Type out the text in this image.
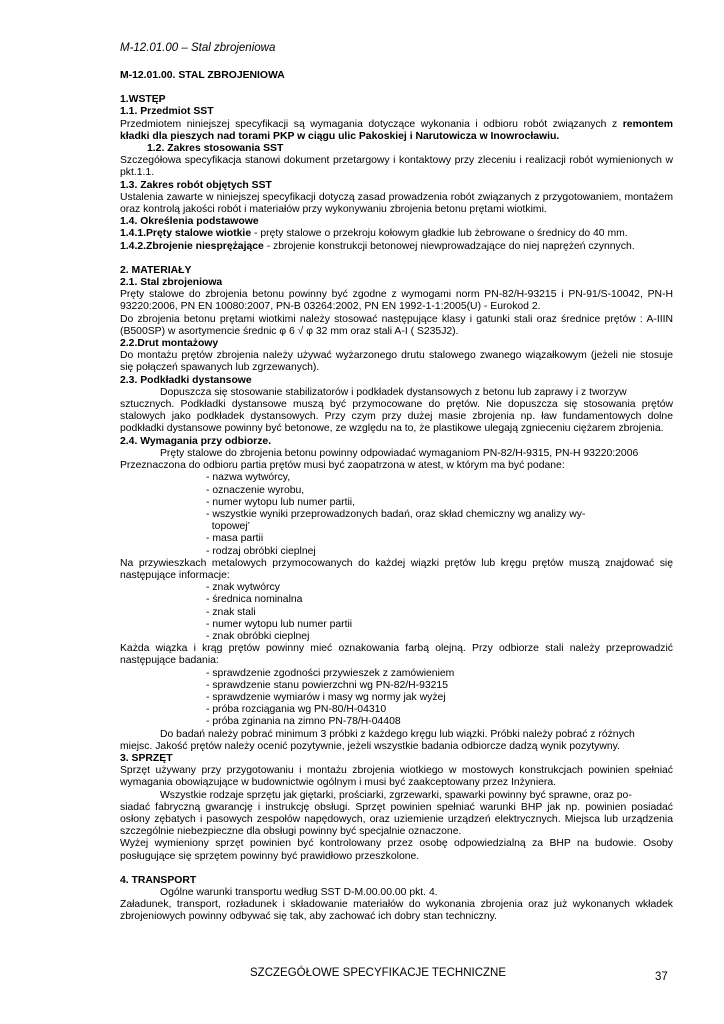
M-12.01.00 – Stal zbrojeniowa

M-12.01.00. STAL ZBROJENIOWA

1.WSTĘP

1.1. Przedmiot SST

Przedmiotem niniejszej specyfikacji są wymagania dotyczące wykonania i odbioru robót związanych z remontem kładki dla pieszych nad torami PKP w ciągu ulic Pakoskiej i Narutowicza w Inowrocławiu.

1.2. Zakres stosowania SST

Szczegółowa specyfikacja stanowi dokument przetargowy i kontaktowy przy zleceniu i realizacji robót wymienionych w pkt.1.1.

1.3. Zakres robót objętych SST

Ustalenia zawarte w niniejszej specyfikacji dotyczą zasad prowadzenia robót związanych z przygotowaniem, montażem oraz kontrolą jakości robót i materiałów przy wykonywaniu zbrojenia betonu prętami wiotkimi.

1.4. Określenia podstawowe

1.4.1.Pręty stalowe wiotkie - pręty stalowe o przekroju kołowym gładkie lub żebrowane o średnicy do 40 mm.

1.4.2.Zbrojenie niesprężające - zbrojenie konstrukcji betonowej niewprowadzające do niej naprężeń czynnych.

2. MATERIAŁY

2.1. Stal zbrojeniowa

Pręty stalowe do zbrojenia betonu powinny być zgodne z wymogami norm PN-82/H-93215 i PN-91/S-10042, PN-H 93220:2006, PN EN 10080:2007, PN-B 03264:2002, PN EN 1992-1-1:2005(U) - Eurokod 2.

Do zbrojenia betonu prętami wiotkimi należy stosować następujące klasy i gatunki stali oraz średnice prętów : A-IIIN (B500SP) w asortymencie średnic φ 6 √ φ 32 mm oraz stali A-I ( S235J2).

2.2.Drut montażowy

Do montażu prętów zbrojenia należy używać wyżarzonego drutu stalowego zwanego wiązałkowym (jeżeli nie stosuje się połączeń spawanych lub zgrzewanych).

2.3. Podkładki dystansowe

Dopuszcza się stosowanie stabilizatorów i podkładek dystansowych z betonu lub zaprawy i z tworzyw

sztucznych. Podkładki dystansowe muszą być przymocowane do prętów. Nie dopuszcza się stosowania prętów stalowych jako podkładek dystansowych. Przy czym przy dużej masie zbrojenia np. ław fundamentowych dolne podkładki dystansowe powinny być betonowe, ze względu na to, że plastikowe ulegają zgnieceniu ciężarem zbrojenia.

2.4. Wymagania przy odbiorze.

Pręty stalowe do zbrojenia betonu powinny odpowiadać wymaganiom PN-82/H-9315, PN-H 93220:2006

Przeznaczona do odbioru partia prętów musi być zaopatrzona w atest, w którym ma być podane:

- nazwa wytwórcy,

- oznaczenie wyrobu,

- numer wytopu lub numer partii,

- wszystkie wyniki przeprowadzonych badań, oraz skład chemiczny wg analizy wy-

topowej’

- masa partii

- rodzaj obróbki cieplnej

Na przywieszkach metalowych przymocowanych do każdej wiązki prętów lub kręgu prętów muszą znajdować się następujące informacje:

- znak wytwórcy

- średnica nominalna

- znak stali

- numer wytopu lub numer partii

- znak obróbki cieplnej

Każda wiązka i krąg prętów powinny mieć oznakowania farbą olejną. Przy odbiorze stali należy przeprowadzić następujące badania:

- sprawdzenie zgodności przywieszek z zamówieniem

- sprawdzenie stanu powierzchni wg PN-82/H-93215

- sprawdzenie wymiarów i masy wg normy jak wyżej

- próba rozciągania wg PN-80/H-04310

- próba zginania na zimno PN-78/H-04408

Do badań należy pobrać minimum 3 próbki z każdego kręgu lub wiązki. Próbki należy pobrać z różnych

miejsc. Jakość prętów należy ocenić pozytywnie, jeżeli wszystkie badania odbiorcze dadzą wynik pozytywny.

3. SPRZĘT

Sprzęt używany przy przygotowaniu i montażu zbrojenia wiotkiego w mostowych konstrukcjach powinien spełniać wymagania obowiązujące w budownictwie ogólnym i musi być zaakceptowany przez Inżyniera.

Wszystkie rodzaje sprzętu jak giętarki, prościarki, zgrzewarki, spawarki powinny być sprawne, oraz po-

siadać fabryczną gwarancję i instrukcję obsługi. Sprzęt powinien spełniać warunki BHP jak np. powinien posiadać osłony zębatych i pasowych zespołów napędowych, oraz uziemienie urządzeń elektrycznych. Miejsca lub urządzenia szczególnie niebezpieczne dla obsługi powinny być specjalnie oznaczone.

Wyżej wymieniony sprzęt powinien być kontrolowany przez osobę odpowiedzialną za BHP na budowie. Osoby posługujące się sprzętem powinny być prawidłowo przeszkolone.

4. TRANSPORT

Ogólne warunki transportu według SST D-M.00.00.00 pkt. 4.

Załadunek, transport, rozładunek i składowanie materiałów do wykonania zbrojenia oraz już wykonanych wkładek zbrojeniowych powinny odbywać się tak, aby zachować ich dobry stan techniczny.

SZCZEGÓŁOWE SPECYFIKACJE TECHNICZNE	37
